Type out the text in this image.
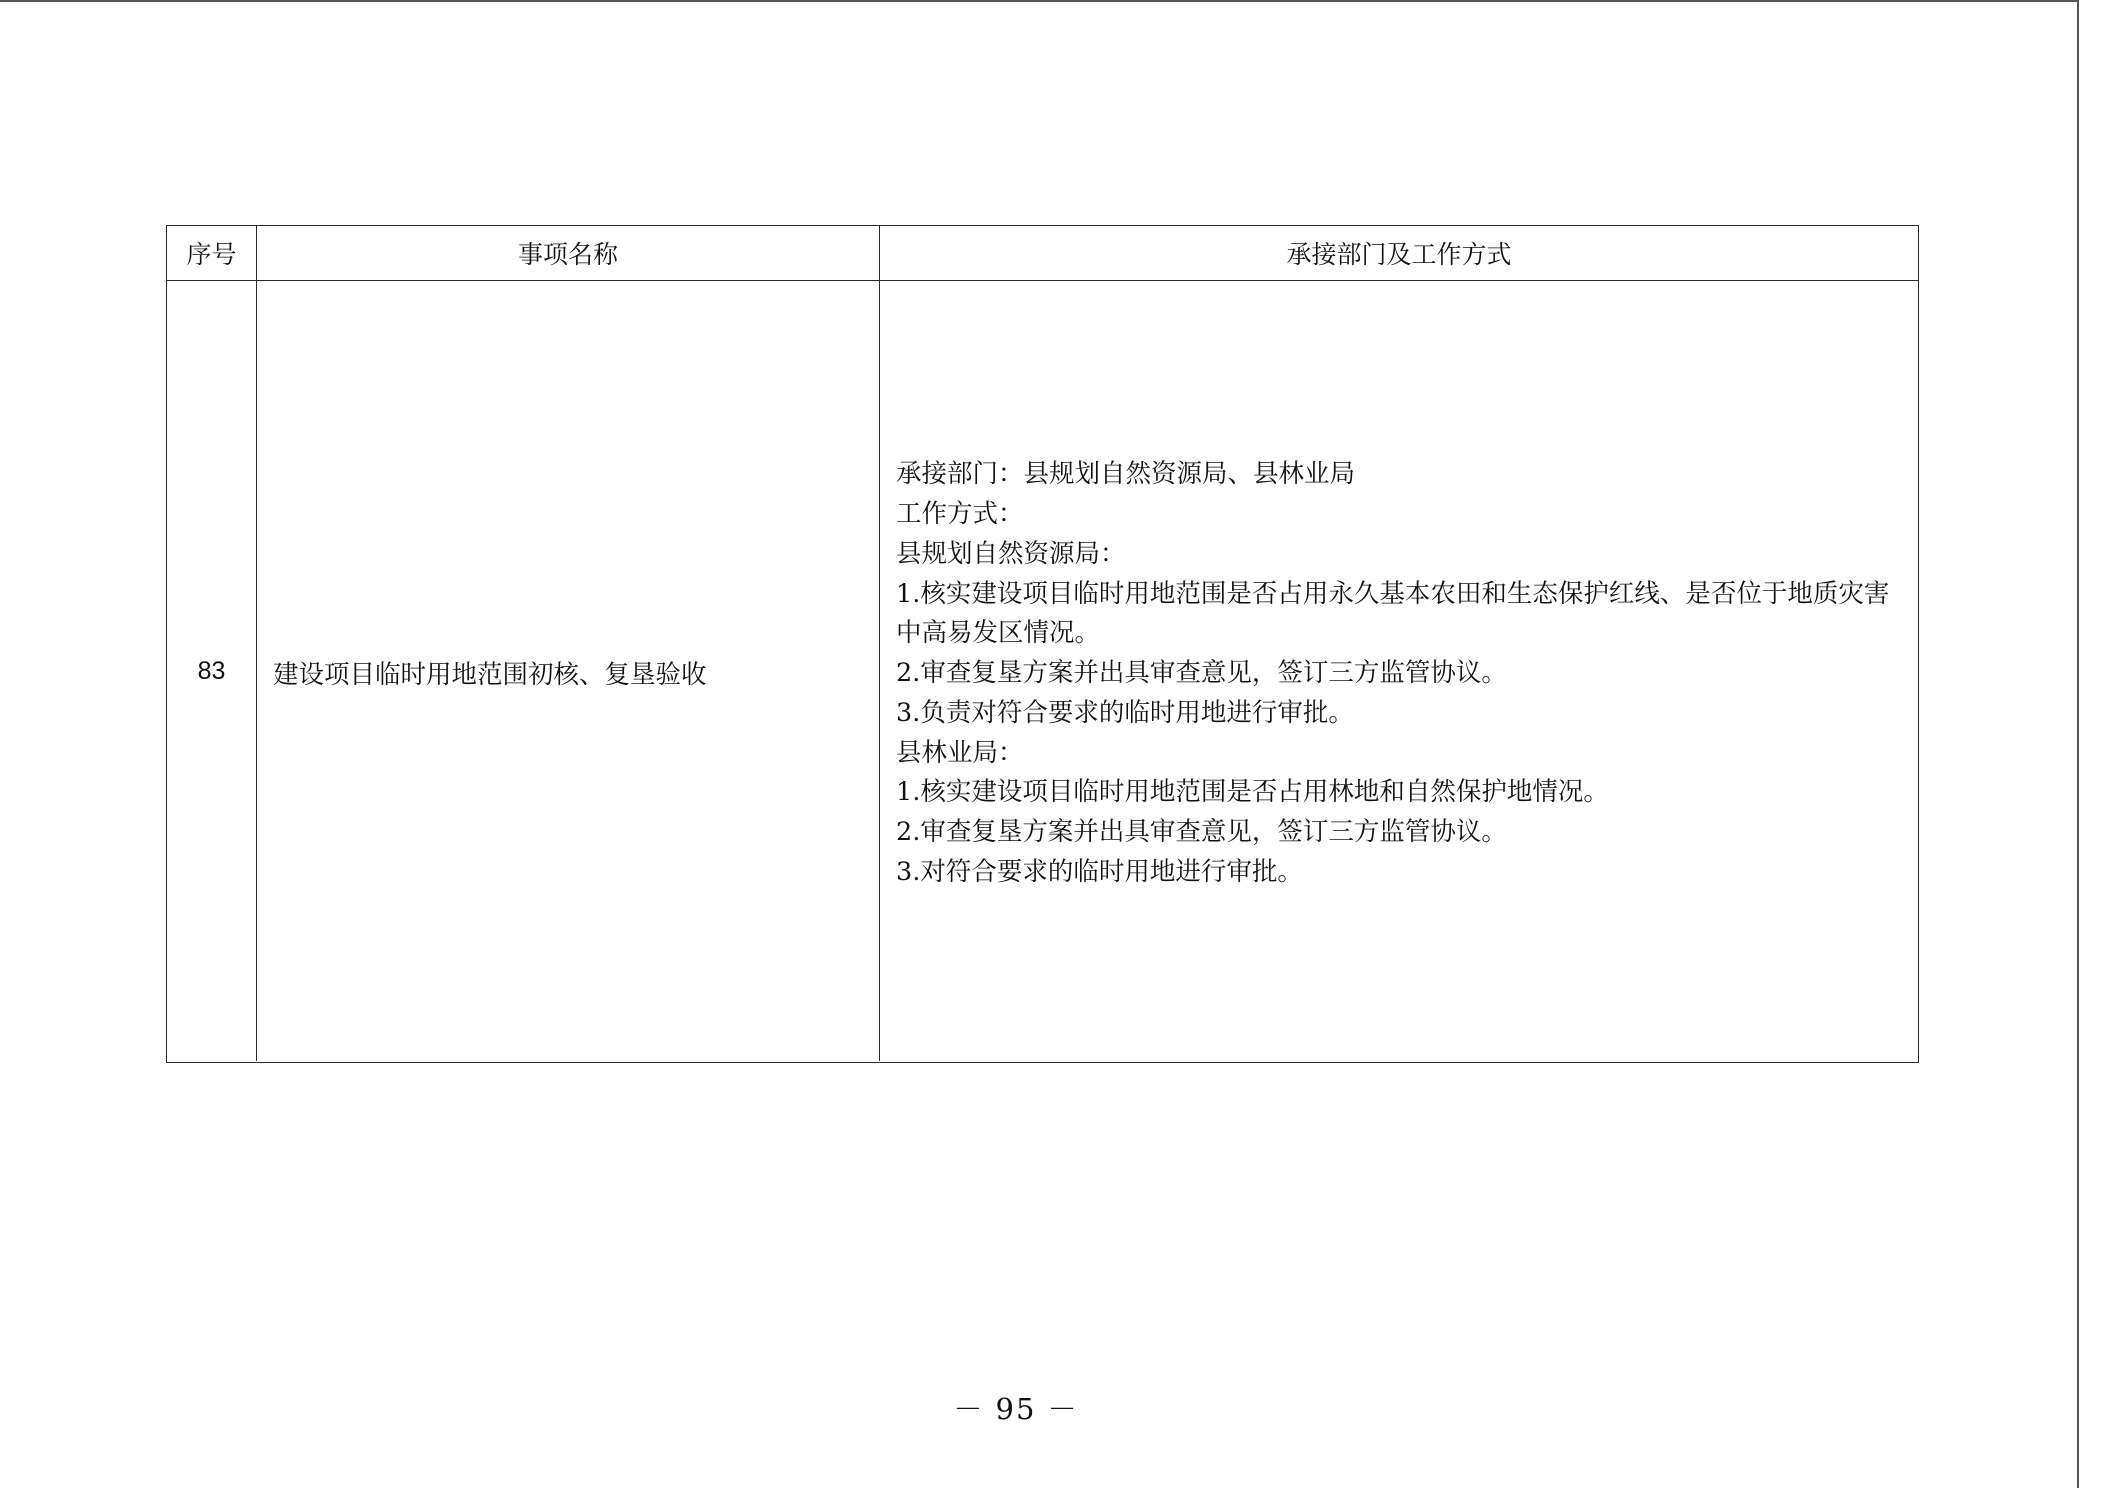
序号	事项名称	承接部门及工作方式
83 建设项目临时用地范围初核、复垦验收
承接部门：县规划自然资源局、县林业局
工作方式：
县规划自然资源局：
1.核实建设项目临时用地范围是否占用永久基本农田和生态保护红线、是否位于地质灾害
中高易发区情况。
2.审查复垦方案并出具审查意见，签订三方监管协议。
3.负责对符合要求的临时用地进行审批。
县林业局：
1.核实建设项目临时用地范围是否占用林地和自然保护地情况。
2.审查复垦方案并出具审查意见，签订三方监管协议。
3.对符合要求的临时用地进行审批。
－ 95 －
